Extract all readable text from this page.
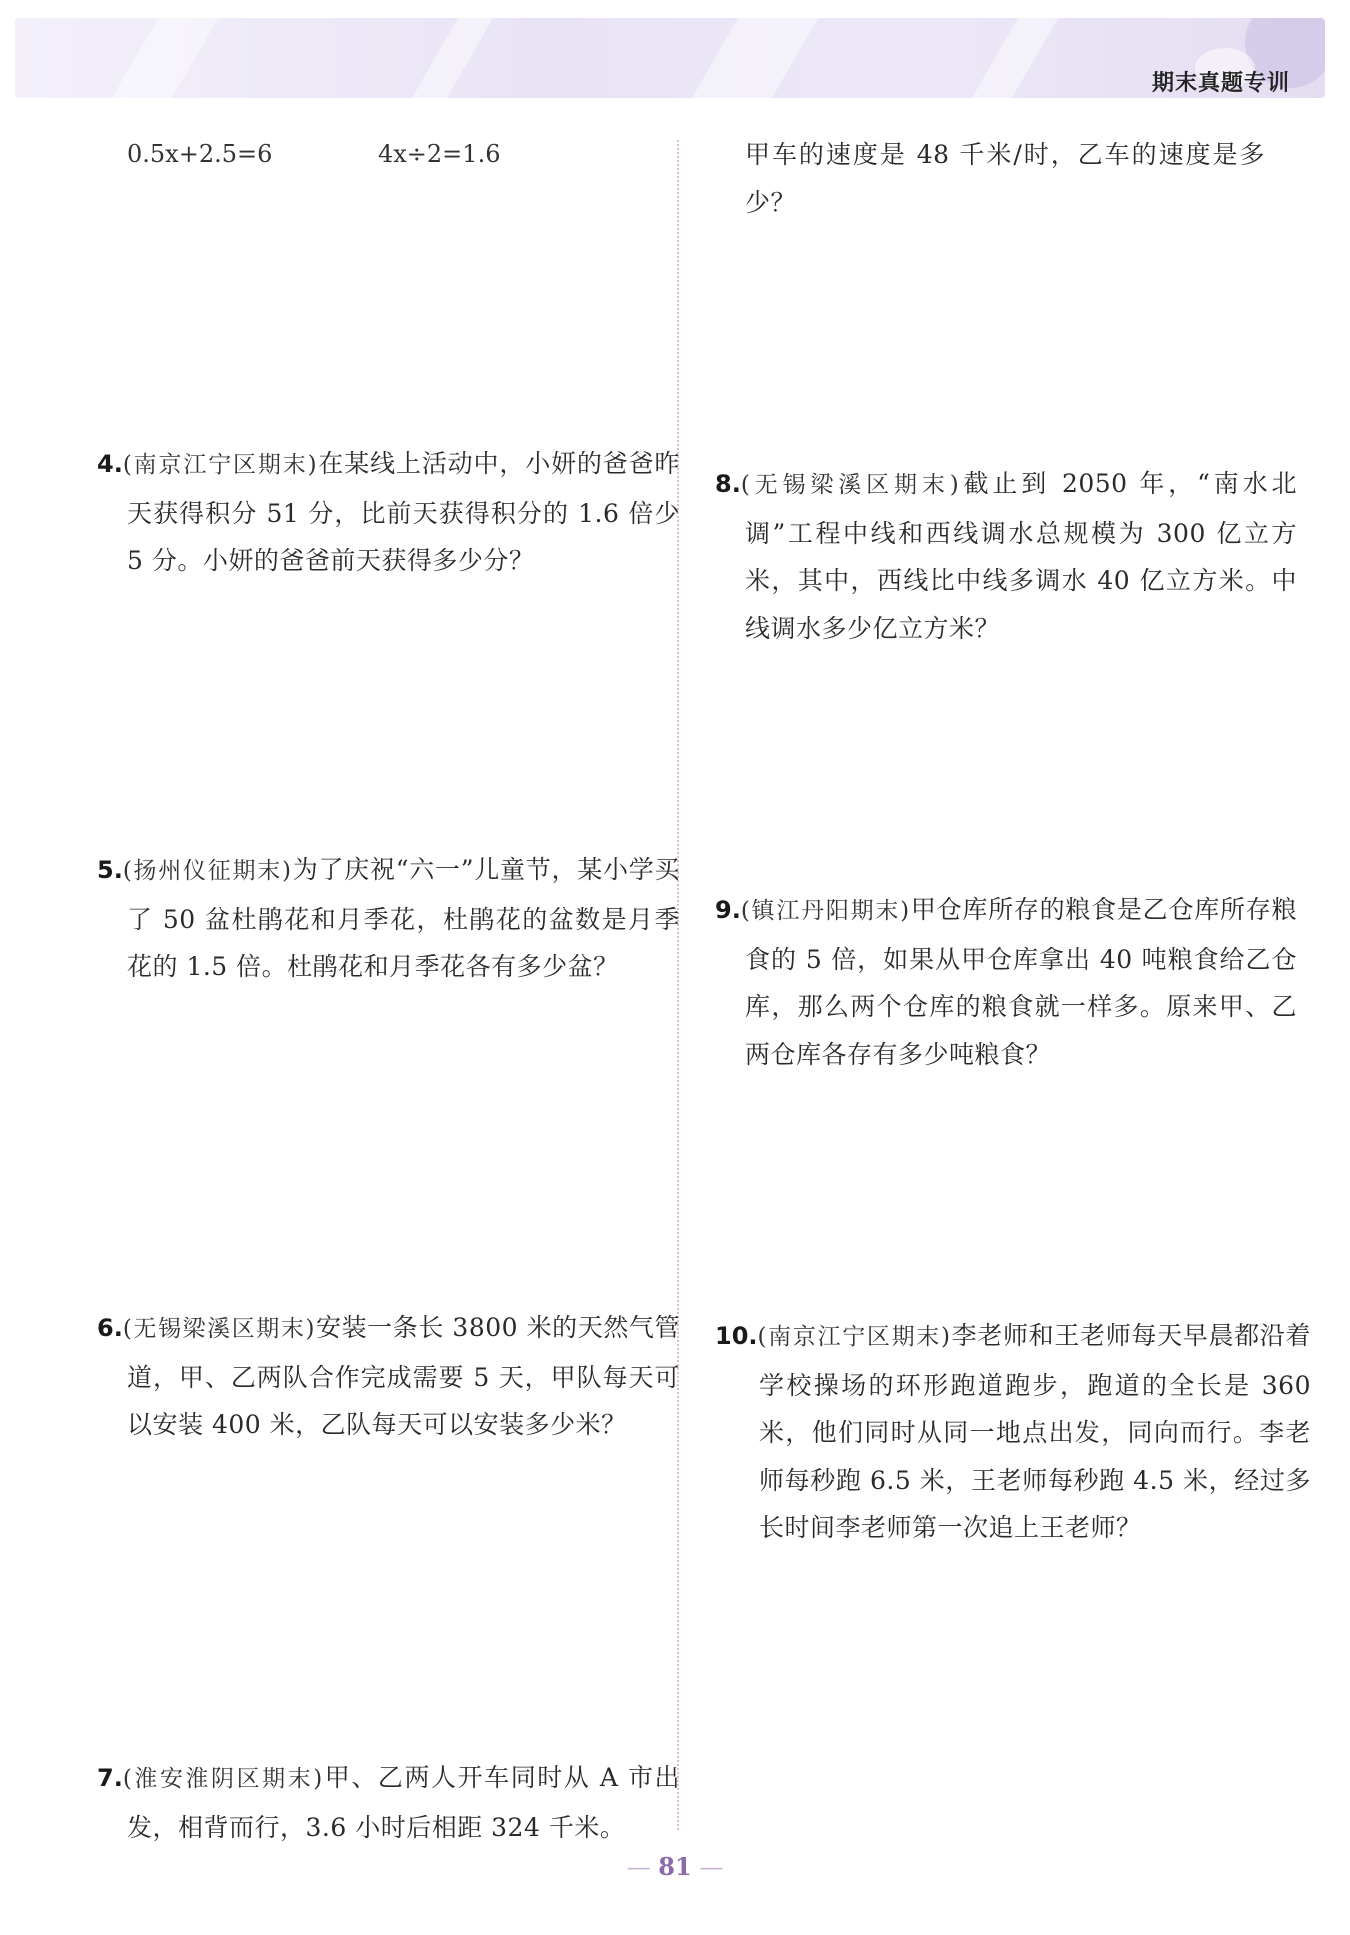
期末真题专训
0.5x+2.5=6	4x÷2=1.6	甲车的速度是 48 千米/时，乙车的速度是多少？
4.(南京江宁区期末)在某线上活动中，小妍的爸爸昨天获得积分 51 分，比前天获得积分的 1.6 倍少 5 分。小妍的爸爸前天获得多少分？
8.(无锡梁溪区期末)截止到 2050 年，“南水北调”工程中线和西线调水总规模为 300 亿立方米，其中，西线比中线多调水 40 亿立方米。中线调水多少亿立方米？
5.(扬州仪征期末)为了庆祝“六一”儿童节，某小学买了 50 盆杜鹃花和月季花，杜鹃花的盆数是月季花的 1.5 倍。杜鹃花和月季花各有多少盆？
9.(镇江丹阳期末)甲仓库所存的粮食是乙仓库所存粮食的 5 倍，如果从甲仓库拿出 40 吨粮食给乙仓库，那么两个仓库的粮食就一样多。原来甲、乙两仓库各存有多少吨粮食？
6.(无锡梁溪区期末)安装一条长 3800 米的天然气管道，甲、乙两队合作完成需要 5 天，甲队每天可以安装 400 米，乙队每天可以安装多少米？
10.(南京江宁区期末)李老师和王老师每天早晨都沿着学校操场的环形跑道跑步，跑道的全长是 360 米，他们同时从同一地点出发，同向而行。李老师每秒跑 6.5 米，王老师每秒跑 4.5 米，经过多长时间李老师第一次追上王老师？
7.(淮安淮阴区期末)甲、乙两人开车同时从 A 市出发，相背而行，3.6 小时后相距 324 千米。
— 81 —
